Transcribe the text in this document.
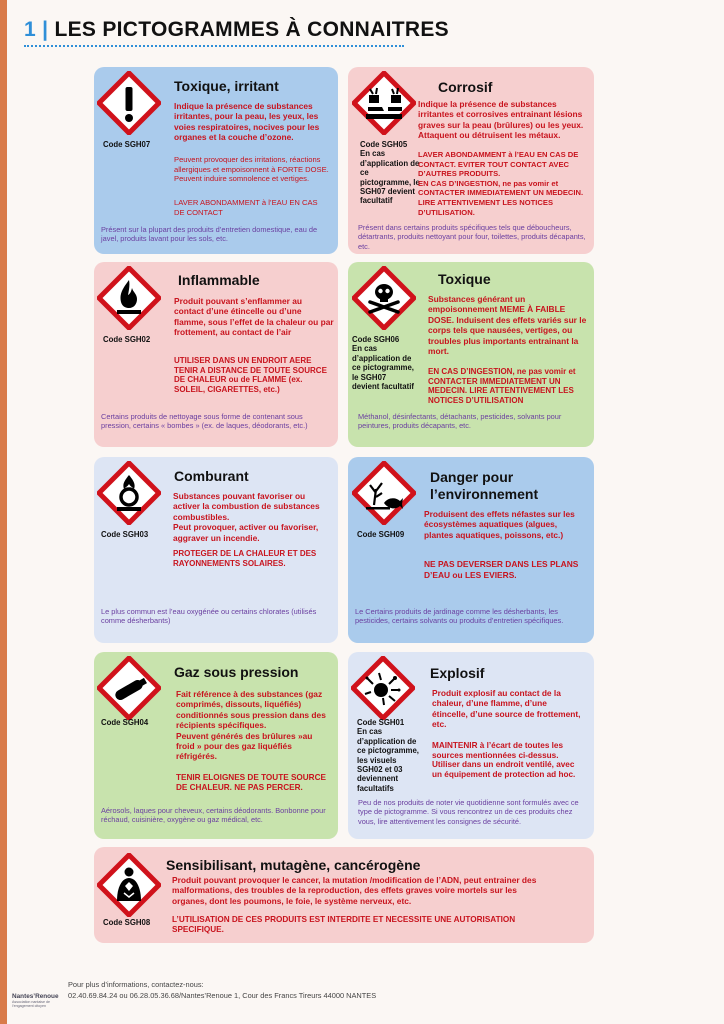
1 | LES PICTOGRAMMES À CONNAITRES
Code SGH07
Toxique, irritant
Indique la présence de substances irritantes, pour la peau, les yeux, les voies respiratoires, nocives pour les organes et la couche d’ozone.
Peuvent provoquer des irritations, réactions allergiques et empoisonnent à FORTE DOSE. Peuvent induire somnolence et vertiges.
LAVER ABONDAMMENT à l’EAU EN CAS DE CONTACT
Présent sur la plupart des produits d’entretien domestique, eau de javel, produits lavant pour les sols, etc.
Code SGH05
En cas d’application de ce pictogramme, le SGH07 devient facultatif
Corrosif
Indique la présence de substances irritantes et corrosives entrainant lésions graves sur la peau (brûlures) ou les yeux. Attaquent ou détruisent les métaux.
LAVER ABONDAMMENT à l’EAU EN CAS DE CONTACT. EVITER TOUT CONTACT AVEC D’AUTRES PRODUITS.
EN CAS D’INGESTION, ne pas vomir et CONTACTER IMMEDIATEMENT UN MEDECIN. LIRE ATTENTIVEMENT LES NOTICES D’UTILISATION.
Présent dans certains produits spécifiques tels que déboucheurs, détartrants, produits nettoyant pour four, toilettes, produits décapants, etc.
Code SGH02
Inflammable
Produit pouvant s’enflammer au contact d’une étincelle ou d’une flamme, sous l’effet de la chaleur ou par frottement, au contact de l’air
UTILISER DANS UN ENDROIT AERE
TENIR A DISTANCE DE TOUTE SOURCE DE CHALEUR ou de FLAMME (ex. SOLEIL, CIGARETTES, etc.)
Certains produits de nettoyage sous forme de contenant sous pression, certains « bombes » (ex. de laques, déodorants, etc.)
Code SGH06
En cas d’application de ce pictogramme, le SGH07 devient facultatif
Toxique
Substances générant un empoisonnement MEME À FAIBLE DOSE. Induisent des effets variés sur le corps tels que nausées, vertiges, ou troubles plus importants entrainant la mort.
EN CAS D’INGESTION, ne pas vomir et CONTACTER IMMEDIATEMENT UN MEDECIN. LIRE ATTENTIVEMENT LES NOTICES D’UTILISATION
Méthanol, désinfectants, détachants, pesticides, solvants pour peintures, produits décapants, etc.
Code SGH03
Comburant
Substances pouvant favoriser ou activer la combustion de substances combustibles.
Peut provoquer, activer ou favoriser, aggraver un incendie.
PROTEGER DE LA CHALEUR ET DES RAYONNEMENTS SOLAIRES.
Le plus commun est l’eau oxygénée ou certains chlorates (utilisés comme désherbants)
Code SGH09
Danger pour l’environnement
Produisent des effets néfastes sur les écosystèmes aquatiques (algues, plantes aquatiques, poissons, etc.)
NE PAS DEVERSER DANS LES PLANS D’EAU ou LES EVIERS.
Le Certains produits de jardinage comme les désherbants, les pesticides, certains solvants ou produits d’entretien spécifiques.
Code SGH04
Gaz sous pression
Fait référence à des substances (gaz comprimés, dissouts, liquéfiés) conditionnés sous pression dans des récipients spécifiques.
Peuvent générés des brûlures »au froid » pour des gaz liquéfiés réfrigérés.
TENIR ELOIGNES DE TOUTE SOURCE DE CHALEUR. NE PAS PERCER.
Aérosols, laques pour cheveux, certains déodorants. Bonbonne pour réchaud, cuisinière, oxygène ou gaz médical, etc.
Code SGH01
En cas d’application de ce pictogramme, les visuels SGH02 et 03 deviennent facultatifs
Explosif
Produit explosif au contact de la chaleur, d’une flamme, d’une étincelle, d’une source de frottement, etc.
MAINTENIR à l’écart de toutes les sources mentionnées ci-dessus. Utiliser dans un endroit ventilé, avec un équipement de protection ad hoc.
Peu de nos produits de noter vie quotidienne sont formulés avec ce type de pictogramme. Si vous rencontrez un de ces produits chez vous, lire attentivement les consignes de sécurité.
Code SGH08
Sensibilisant, mutagène, cancérogène
Produit pouvant provoquer le cancer, la mutation /modification de l’ADN, peut entrainer des malformations, des troubles de la reproduction, des effets graves voire mortels sur les organes, dont les poumons, le foie, le système nerveux, etc.
L’UTILISATION DE CES PRODUITS EST INTERDITE ET NECESSITE UNE AUTORISATION SPECIFIQUE.
Nantes’Renoue
Association nantaise de l’engagement citoyen
Pour plus d’informations, contactez-nous:
02.40.69.84.24 ou 06.28.05.36.68/Nantes’Renoue 1, Cour des Francs Tireurs 44000 NANTES
